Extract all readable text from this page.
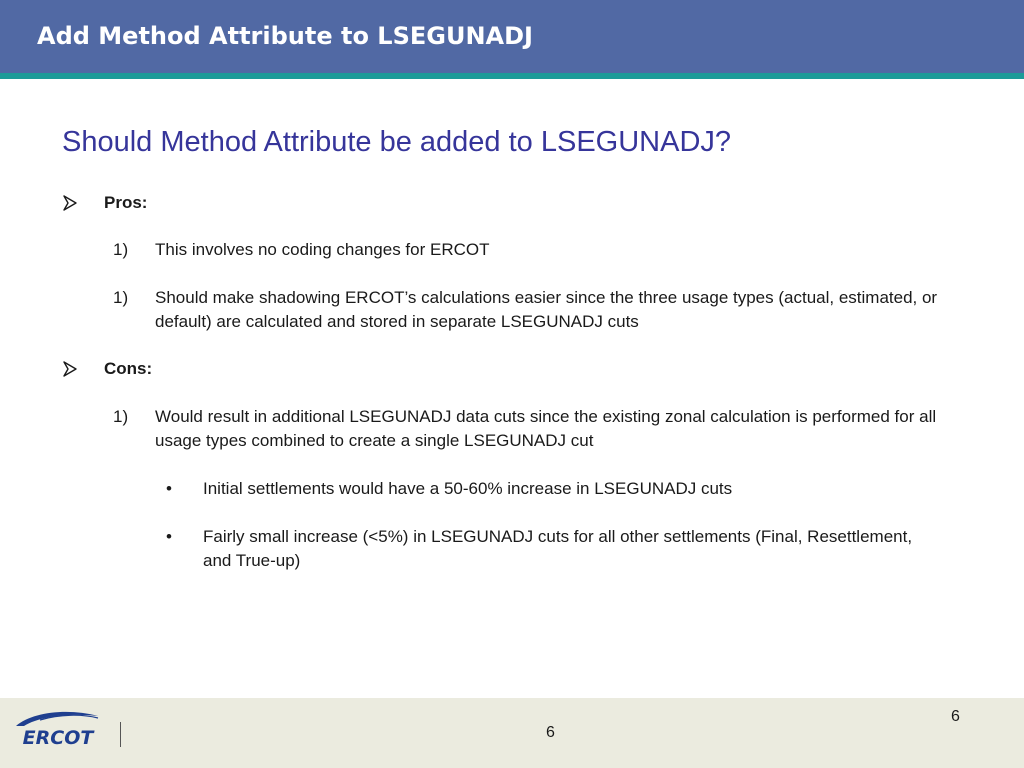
Add Method Attribute to LSEGUNADJ
Should Method Attribute be added to LSEGUNADJ?
Pros:
1) This involves no coding changes for ERCOT
1) Should make shadowing ERCOT’s calculations easier since the three usage types (actual, estimated, or default) are calculated and stored in separate LSEGUNADJ cuts
Cons:
1) Would result in additional LSEGUNADJ data cuts since the existing zonal calculation is performed for all usage types combined to create a single LSEGUNADJ cut
• Initial settlements would have a 50-60% increase in LSEGUNADJ cuts
• Fairly small increase (<5%) in LSEGUNADJ cuts for all other settlements (Final, Resettlement, and True-up)
ERCOT	6
6
